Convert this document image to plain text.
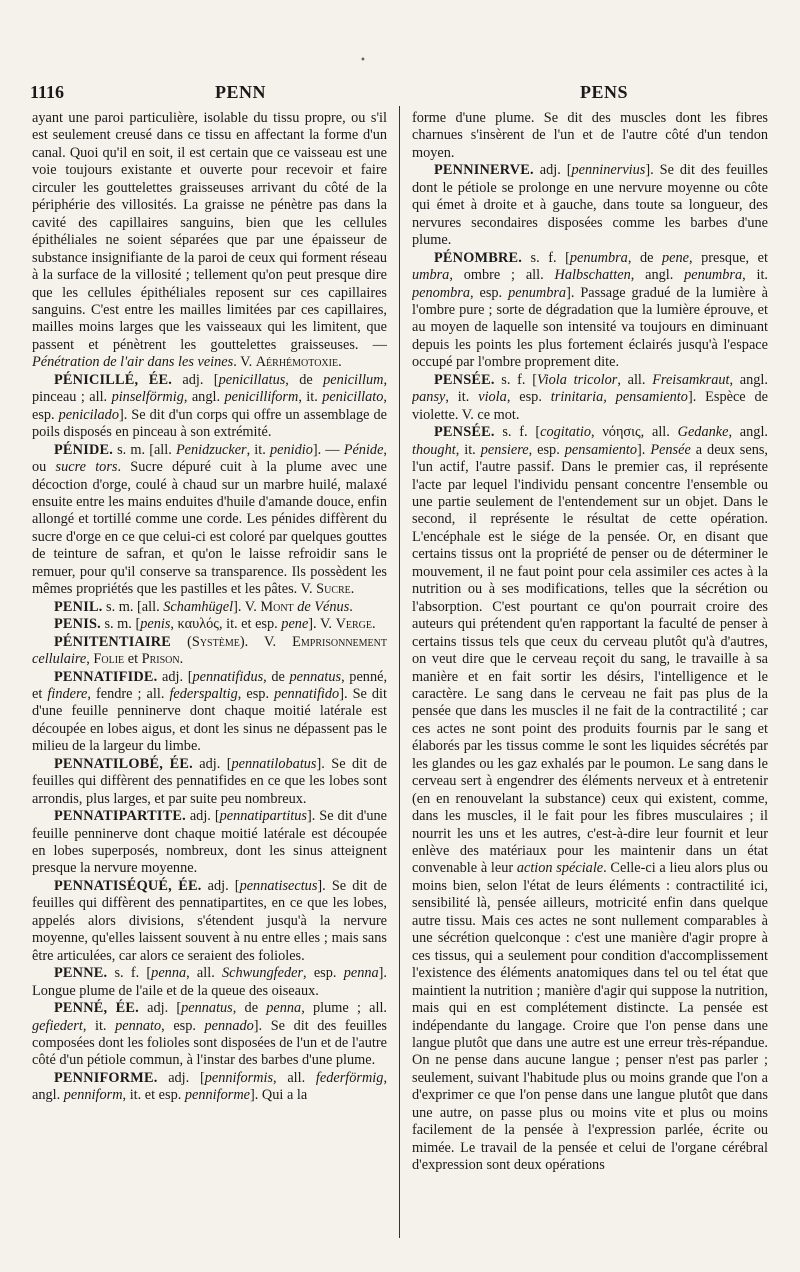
•
1116	PENN	PENS

ayant une paroi particulière, isolable du tissu propre, ou s'il est seulement creusé dans ce tissu en affectant la forme d'un canal. Quoi qu'il en soit, il est certain que ce vaisseau est une voie toujours existante et ouverte pour recevoir et faire circuler les gouttelettes graisseuses arrivant du côté de la périphérie des villosités. La graisse ne pénètre pas dans la cavité des capillaires sanguins, bien que les cellules épithéliales ne soient séparées que par une épaisseur de substance insignifiante de la paroi de ceux qui forment réseau à la surface de la villosité ; tellement qu'on peut presque dire que les cellules épithéliales reposent sur ces capillaires sanguins. C'est entre les mailles limitées par ces capillaires, mailles moins larges que les vaisseaux qui les limitent, que passent et pénètrent les gouttelettes graisseuses. — Pénétration de l'air dans les veines. V. Aérhémotoxie.

PÉNICILLÉ, ÉE. adj. [penicillatus, de penicillum, pinceau ; all. pinselförmig, angl. penicilliform, it. penicillato, esp. penicilado]. Se dit d'un corps qui offre un assemblage de poils disposés en pinceau à son extrémité.

PÉNIDE. s. m. [all. Penidzucker, it. penidio]. — Pénide, ou sucre tors. Sucre dépuré cuit à la plume avec une décoction d'orge, coulé à chaud sur un marbre huilé, malaxé ensuite entre les mains enduites d'huile d'amande douce, enfin allongé et tortillé comme une corde. Les pénides diffèrent du sucre d'orge en ce que celui-ci est coloré par quelques gouttes de teinture de safran, et qu'on le laisse refroidir sans le remuer, pour qu'il conserve sa transparence. Ils possèdent les mêmes propriétés que les pastilles et les pâtes. V. Sucre.

PENIL. s. m. [all. Schamhügel]. V. Mont de Vénus.

PENIS. s. m. [penis, καυλός, it. et esp. pene]. V. Verge.

PÉNITENTIAIRE (Système). V. Emprisonnement cellulaire, Folie et Prison.

PENNATIFIDE. adj. [pennatifidus, de pennatus, penné, et findere, fendre ; all. federspaltig, esp. pennatifido]. Se dit d'une feuille penninerve dont chaque moitié latérale est découpée en lobes aigus, et dont les sinus ne dépassent pas le milieu de la largeur du limbe.

PENNATILOBÉ, ÉE. adj. [pennatilobatus]. Se dit de feuilles qui diffèrent des pennatifides en ce que les lobes sont arrondis, plus larges, et par suite peu nombreux.

PENNATIPARTITE. adj. [pennatipartitus]. Se dit d'une feuille penninerve dont chaque moitié latérale est découpée en lobes superposés, nombreux, dont les sinus atteignent presque la nervure moyenne.

PENNATISÉQUÉ, ÉE. adj. [pennatisectus]. Se dit de feuilles qui diffèrent des pennatipartites, en ce que les lobes, appelés alors divisions, s'étendent jusqu'à la nervure moyenne, qu'elles laissent souvent à nu entre elles ; mais sans être articulées, car alors ce seraient des folioles.

PENNE. s. f. [penna, all. Schwungfeder, esp. penna]. Longue plume de l'aile et de la queue des oiseaux.

PENNÉ, ÉE. adj. [pennatus, de penna, plume ; all. gefiedert, it. pennato, esp. pennado]. Se dit des feuilles composées dont les folioles sont disposées de l'un et de l'autre côté d'un pétiole commun, à l'instar des barbes d'une plume.

PENNIFORME. adj. [penniformis, all. federförmig, angl. penniform, it. et esp. penniforme]. Qui a la

forme d'une plume. Se dit des muscles dont les fibres charnues s'insèrent de l'un et de l'autre côté d'un tendon moyen.

PENNINERVE. adj. [penninervius]. Se dit des feuilles dont le pétiole se prolonge en une nervure moyenne ou côte qui émet à droite et à gauche, dans toute sa longueur, des nervures secondaires disposées comme les barbes d'une plume.

PÉNOMBRE. s. f. [penumbra, de pene, presque, et umbra, ombre ; all. Halbschatten, angl. penumbra, it. penombra, esp. penumbra]. Passage gradué de la lumière à l'ombre pure ; sorte de dégradation que la lumière éprouve, et au moyen de laquelle son intensité va toujours en diminuant depuis les points les plus fortement éclairés jusqu'à l'espace occupé par l'ombre proprement dite.

PENSÉE. s. f. [Viola tricolor, all. Freisamkraut, angl. pansy, it. viola, esp. trinitaria, pensamiento]. Espèce de violette. V. ce mot.

PENSÉE. s. f. [cogitatio, νόησις, all. Gedanke, angl. thought, it. pensiere, esp. pensamiento]. Pensée a deux sens, l'un actif, l'autre passif. Dans le premier cas, il représente l'acte par lequel l'individu pensant concentre l'ensemble ou une partie seulement de l'entendement sur un objet. Dans le second, il représente le résultat de cette opération. L'encéphale est le siége de la pensée. Or, en disant que certains tissus ont la propriété de penser ou de déterminer le mouvement, il ne faut point pour cela assimiler ces actes à la nutrition ou à ses modifications, telles que la sécrétion ou l'absorption. C'est pourtant ce qu'on pourrait croire des auteurs qui prétendent qu'en rapportant la faculté de penser à certains tissus tels que ceux du cerveau plutôt qu'à d'autres, on veut dire que le cerveau reçoit du sang, le travaille à sa manière et en fait sortir les désirs, l'intelligence et le caractère. Le sang dans le cerveau ne fait pas plus de la pensée que dans les muscles il ne fait de la contractilité ; car ces actes ne sont point des produits fournis par le sang et élaborés par les tissus comme le sont les liquides sécrétés par les glandes ou les gaz exhalés par le poumon. Le sang dans le cerveau sert à engendrer des éléments nerveux et à entretenir (en en renouvelant la substance) ceux qui existent, comme, dans les muscles, il le fait pour les fibres musculaires ; il nourrit les uns et les autres, c'est-à-dire leur fournit et leur enlève des matériaux pour les maintenir dans un état convenable à leur action spéciale. Celle-ci a lieu alors plus ou moins bien, selon l'état de leurs éléments : contractilité ici, sensibilité là, pensée ailleurs, motricité enfin dans quelque autre tissu. Mais ces actes ne sont nullement comparables à une sécrétion quelconque : c'est une manière d'agir propre à ces tissus, qui a seulement pour condition d'accomplissement l'existence des éléments anatomiques dans tel ou tel état que maintient la nutrition ; manière d'agir qui suppose la nutrition, mais qui en est complétement distincte. La pensée est indépendante du langage. Croire que l'on pense dans une langue plutôt que dans une autre est une erreur très-répandue. On ne pense dans aucune langue ; penser n'est pas parler ; seulement, suivant l'habitude plus ou moins grande que l'on a d'exprimer ce que l'on pense dans une langue plutôt que dans une autre, on passe plus ou moins vite et plus ou moins facilement de la pensée à l'expression parlée, écrite ou mimée. Le travail de la pensée et celui de l'organe cérébral d'expression sont deux opérations
